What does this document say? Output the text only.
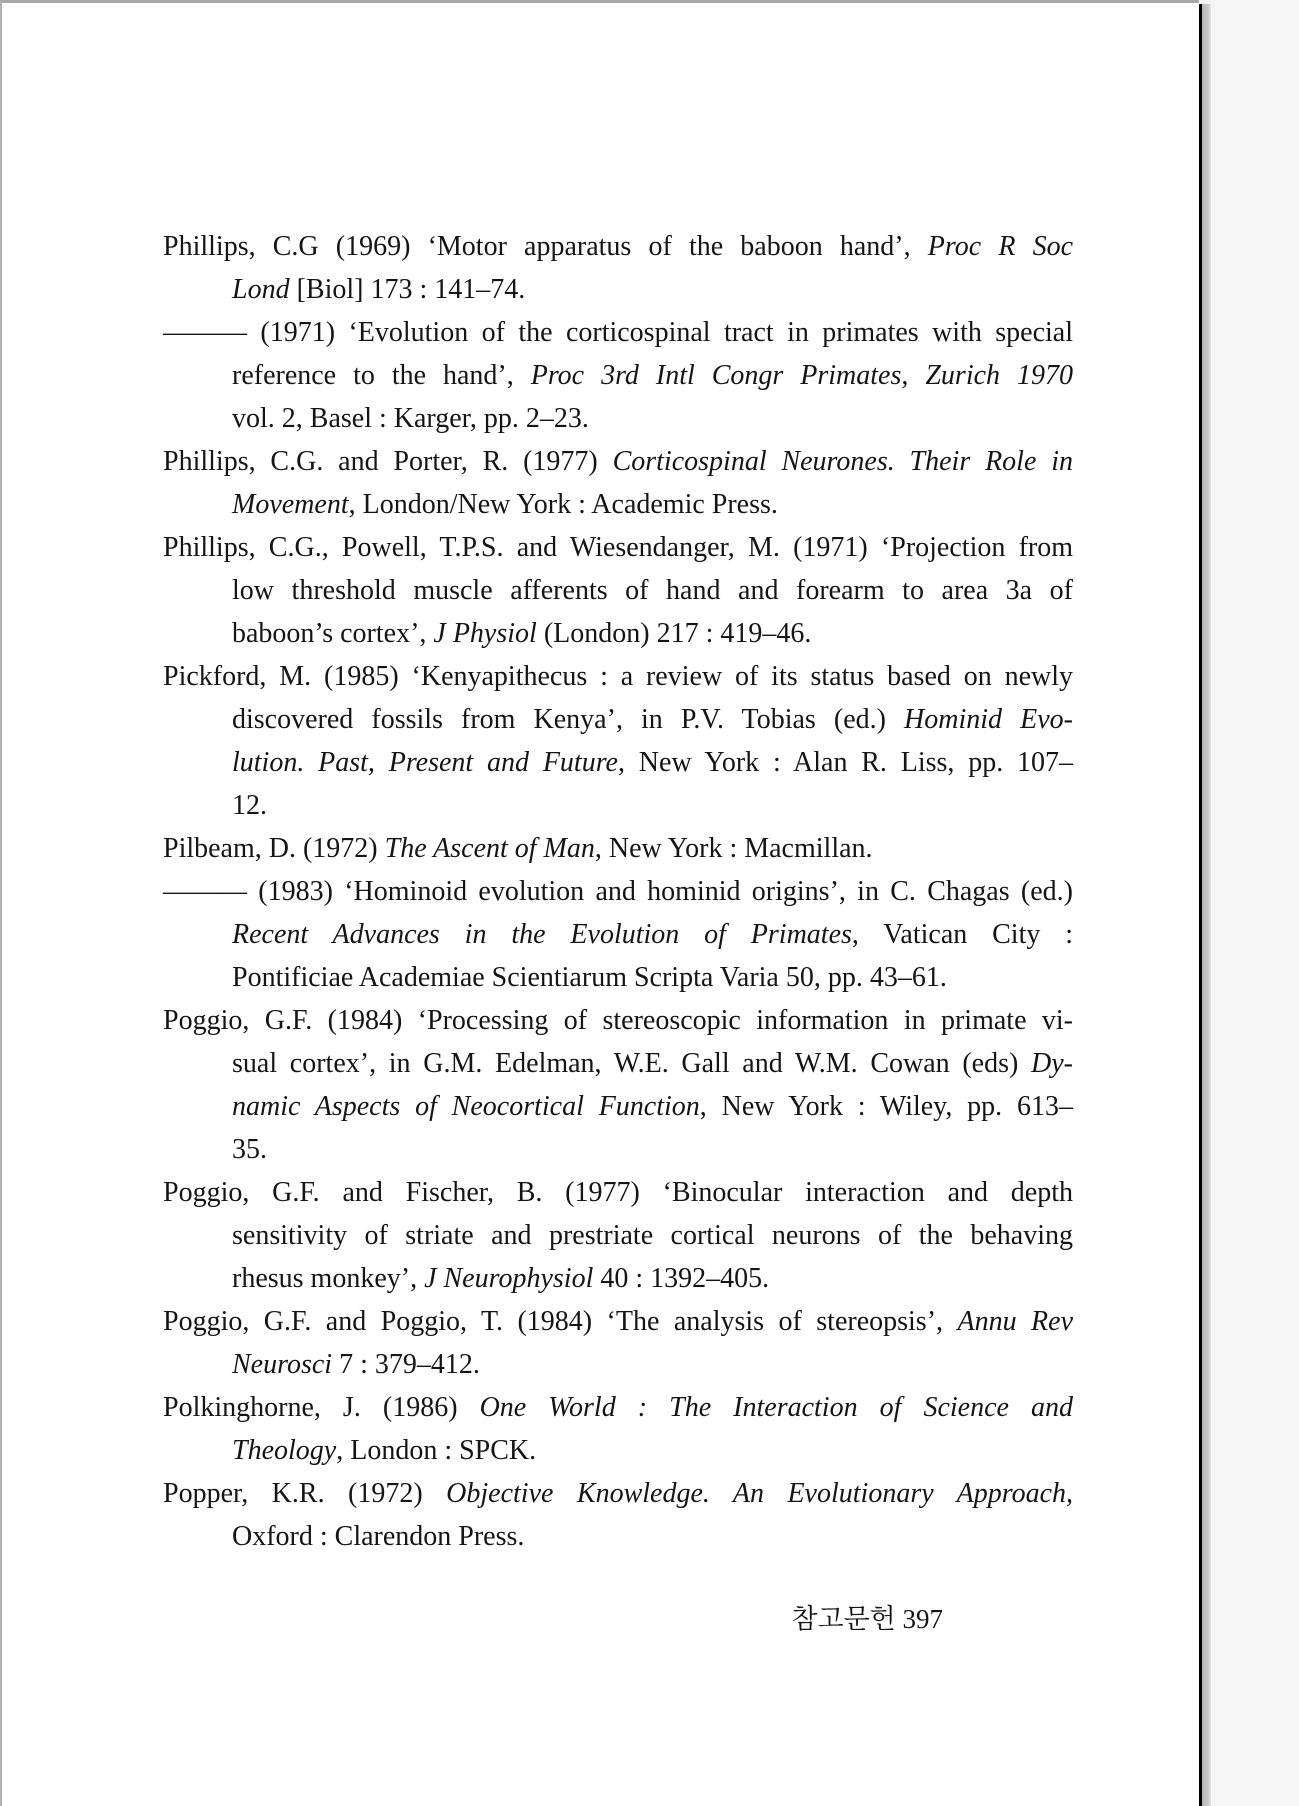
Phillips, C.G (1969) ‘Motor apparatus of the baboon hand’, Proc R Soc
Lond [Biol] 173 : 141–74.
——— (1971) ‘Evolution of the corticospinal tract in primates with special
reference to the hand’, Proc 3rd Intl Congr Primates, Zurich 1970
vol. 2, Basel : Karger, pp. 2–23.
Phillips, C.G. and Porter, R. (1977) Corticospinal Neurones. Their Role in
Movement, London/New York : Academic Press.
Phillips, C.G., Powell, T.P.S. and Wiesendanger, M. (1971) ‘Projection from
low threshold muscle afferents of hand and forearm to area 3a of
baboon’s cortex’, J Physiol (London) 217 : 419–46.
Pickford, M. (1985) ‘Kenyapithecus : a review of its status based on newly
discovered fossils from Kenya’, in P.V. Tobias (ed.) Hominid Evo-
lution. Past, Present and Future, New York : Alan R. Liss, pp. 107–
12.
Pilbeam, D. (1972) The Ascent of Man, New York : Macmillan.
——— (1983) ‘Hominoid evolution and hominid origins’, in C. Chagas (ed.)
Recent Advances in the Evolution of Primates, Vatican City :
Pontificiae Academiae Scientiarum Scripta Varia 50, pp. 43–61.
Poggio, G.F. (1984) ‘Processing of stereoscopic information in primate vi-
sual cortex’, in G.M. Edelman, W.E. Gall and W.M. Cowan (eds) Dy-
namic Aspects of Neocortical Function, New York : Wiley, pp. 613–
35.
Poggio, G.F. and Fischer, B. (1977) ‘Binocular interaction and depth
sensitivity of striate and prestriate cortical neurons of the behaving
rhesus monkey’, J Neurophysiol 40 : 1392–405.
Poggio, G.F. and Poggio, T. (1984) ‘The analysis of stereopsis’, Annu Rev
Neurosci 7 : 379–412.
Polkinghorne, J. (1986) One World : The Interaction of Science and
Theology, London : SPCK.
Popper, K.R. (1972) Objective Knowledge. An Evolutionary Approach,
Oxford : Clarendon Press.
참고문헌 397
